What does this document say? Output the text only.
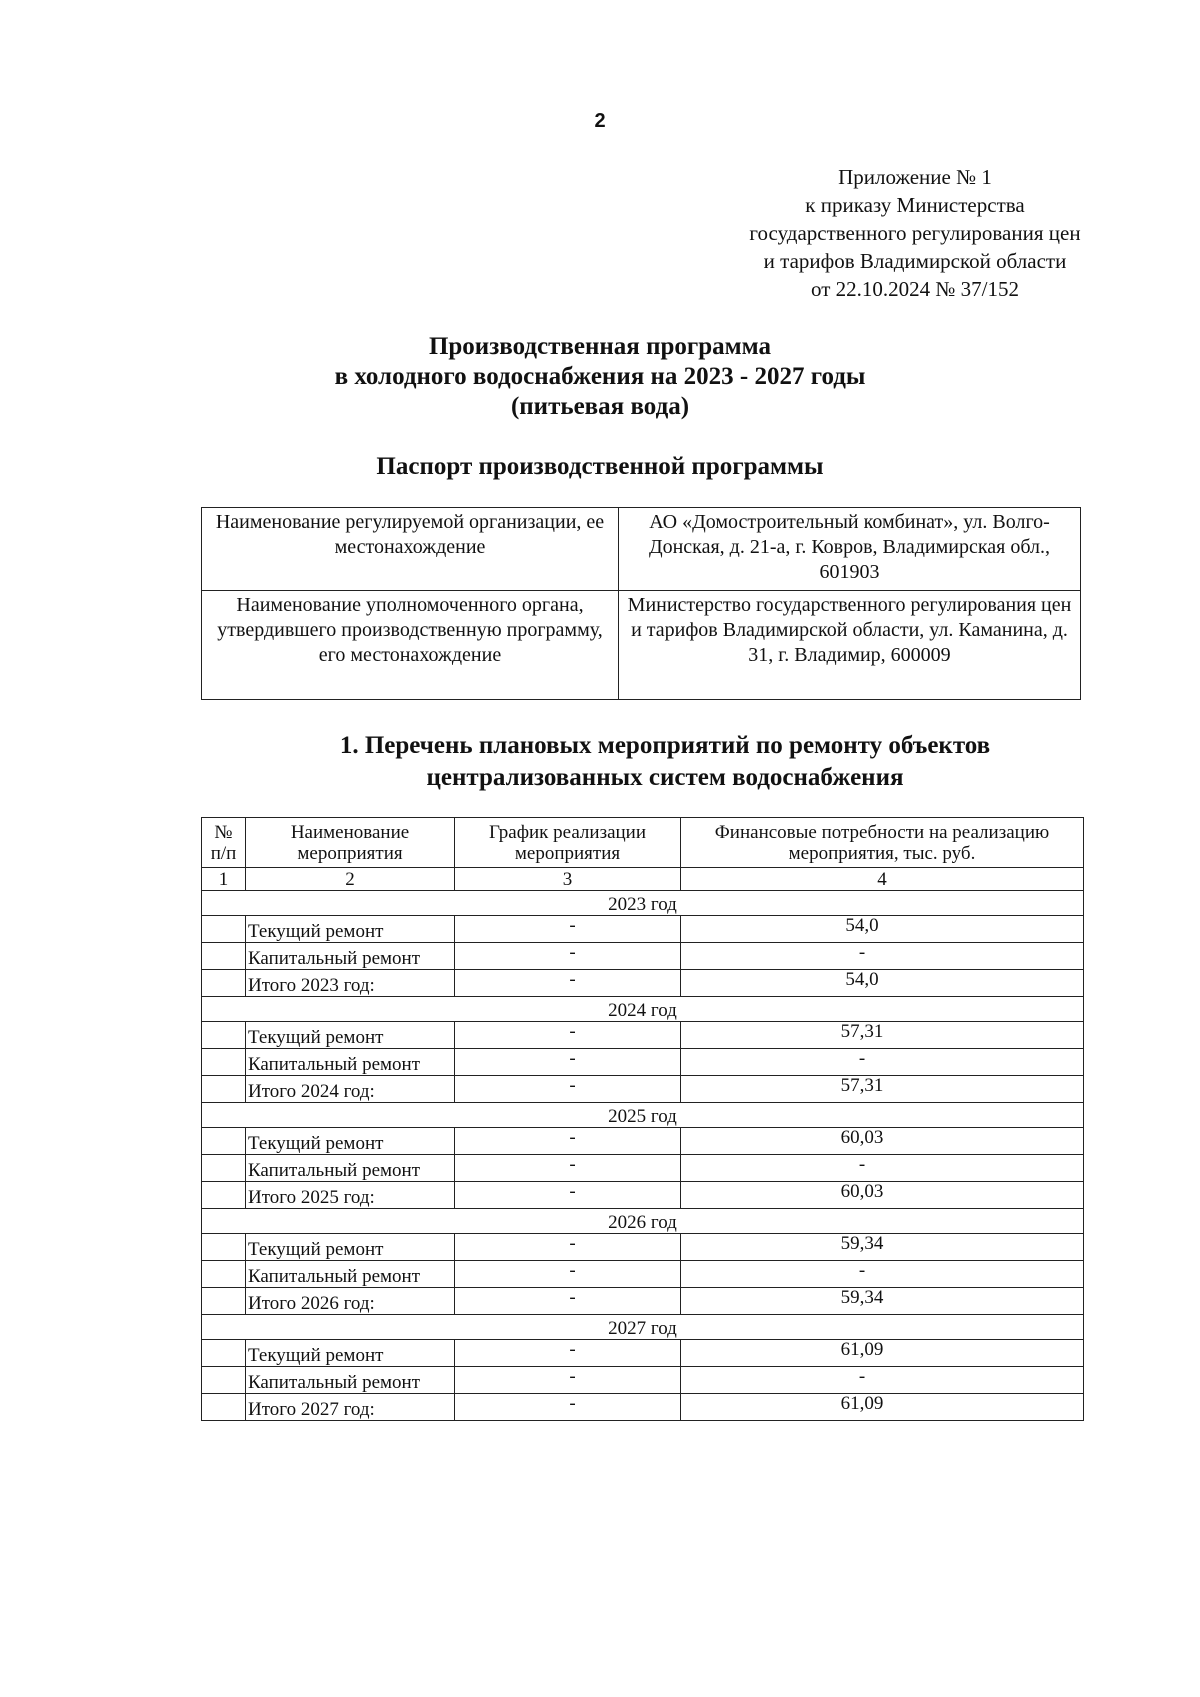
2
Приложение № 1
к приказу Министерства
государственного регулирования цен
и тарифов Владимирской области
от 22.10.2024 № 37/152
Производственная программа
в холодного водоснабжения на 2023 - 2027 годы
(питьевая вода)
Паспорт производственной программы
Наименование регулируемой организации, ее местонахождение	АО «Домостроительный комбинат», ул. Волго-Донская, д. 21-а, г. Ковров, Владимирская обл., 601903
Наименование уполномоченного органа, утвердившего производственную программу, его местонахождение	Министерство государственного регулирования цен и тарифов Владимирской области, ул. Каманина, д. 31, г. Владимир, 600009
1. Перечень плановых мероприятий по ремонту объектов
централизованных систем водоснабжения
№ п/п	Наименование мероприятия	График реализации мероприятия	Финансовые потребности на реализацию мероприятия, тыс. руб.
1	2	3	4
2023 год			
	Текущий ремонт	-	54,0
	Капитальный ремонт	-	-
	Итого 2023 год:	-	54,0
2024 год			
	Текущий ремонт	-	57,31
	Капитальный ремонт	-	-
	Итого 2024 год:	-	57,31
2025 год			
	Текущий ремонт	-	60,03
	Капитальный ремонт	-	-
	Итого 2025 год:	-	60,03
2026 год			
	Текущий ремонт	-	59,34
	Капитальный ремонт	-	-
	Итого 2026 год:	-	59,34
2027 год			
	Текущий ремонт	-	61,09
	Капитальный ремонт	-	-
	Итого 2027 год:	-	61,09
